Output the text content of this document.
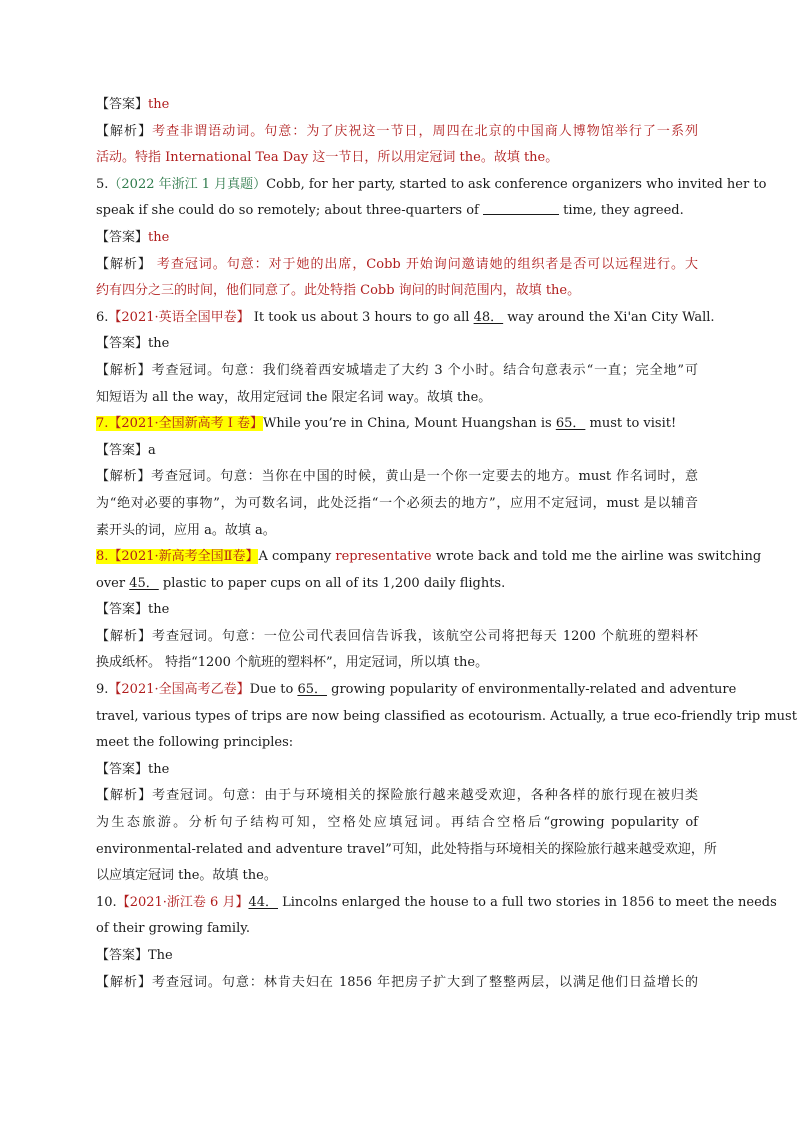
【答案】the
【解析】考查非谓语动词。句意：为了庆祝这一节日，周四在北京的中国商人博物馆举行了一系列
活动。特指 International Tea Day 这一节日，所以用定冠词 the。故填 the。
5.（2022 年浙江 1 月真题）Cobb, for her party, started to ask conference organizers who invited her to
speak if she could do so remotely; about three-quarters of	time, they agreed.
【答案】the
【解析】 考查冠词。句意：对于她的出席，Cobb 开始询问邀请她的组织者是否可以远程进行。大
约有四分之三的时间，他们同意了。此处特指 Cobb 询问的时间范围内，故填 the。
6.【2021·英语全国甲卷】 It took us about 3 hours to go all 48． way around the Xi'an City Wall.
【答案】the
【解析】考查冠词。句意：我们绕着西安城墙走了大约 3 个小时。结合句意表示“一直；完全地”可
知短语为 all the way，故用定冠词 the 限定名词 way。故填 the。
7.【2021·全国新高考 I 卷】While you’re in China, Mount Huangshan is 65． must to visit!
【答案】a
【解析】考查冠词。句意：当你在中国的时候，黄山是一个你一定要去的地方。must 作名词时，意
为“绝对必要的事物”，为可数名词，此处泛指“一个必须去的地方”，应用不定冠词，must 是以辅音
素开头的词，应用 a。故填 a。
8.【2021·新高考全国Ⅱ卷】A company representative wrote back and told me the airline was switching
over 45． plastic to paper cups on all of its 1,200 daily flights.
【答案】the
【解析】考查冠词。句意：一位公司代表回信告诉我，该航空公司将把每天 1200 个航班的塑料杯
换成纸杯。 特指“1200 个航班的塑料杯”，用定冠词，所以填 the。
9.【2021·全国高考乙卷】Due to 65． growing popularity of environmentally-related and adventure
travel, various types of trips are now being classified as ecotourism. Actually, a true eco-friendly trip must
meet the following principles:
【答案】the
【解析】考查冠词。句意：由于与环境相关的探险旅行越来越受欢迎，各种各样的旅行现在被归类
为生态旅游。分析句子结构可知，空格处应填冠词。再结合空格后“growing popularity of
environmental-related and adventure travel”可知，此处特指与环境相关的探险旅行越来越受欢迎，所
以应填定冠词 the。故填 the。
10.【2021·浙江卷 6 月】44． Lincolns enlarged the house to a full two stories in 1856 to meet the needs
of their growing family.
【答案】The
【解析】考查冠词。句意：林肯夫妇在 1856 年把房子扩大到了整整两层，以满足他们日益增长的
